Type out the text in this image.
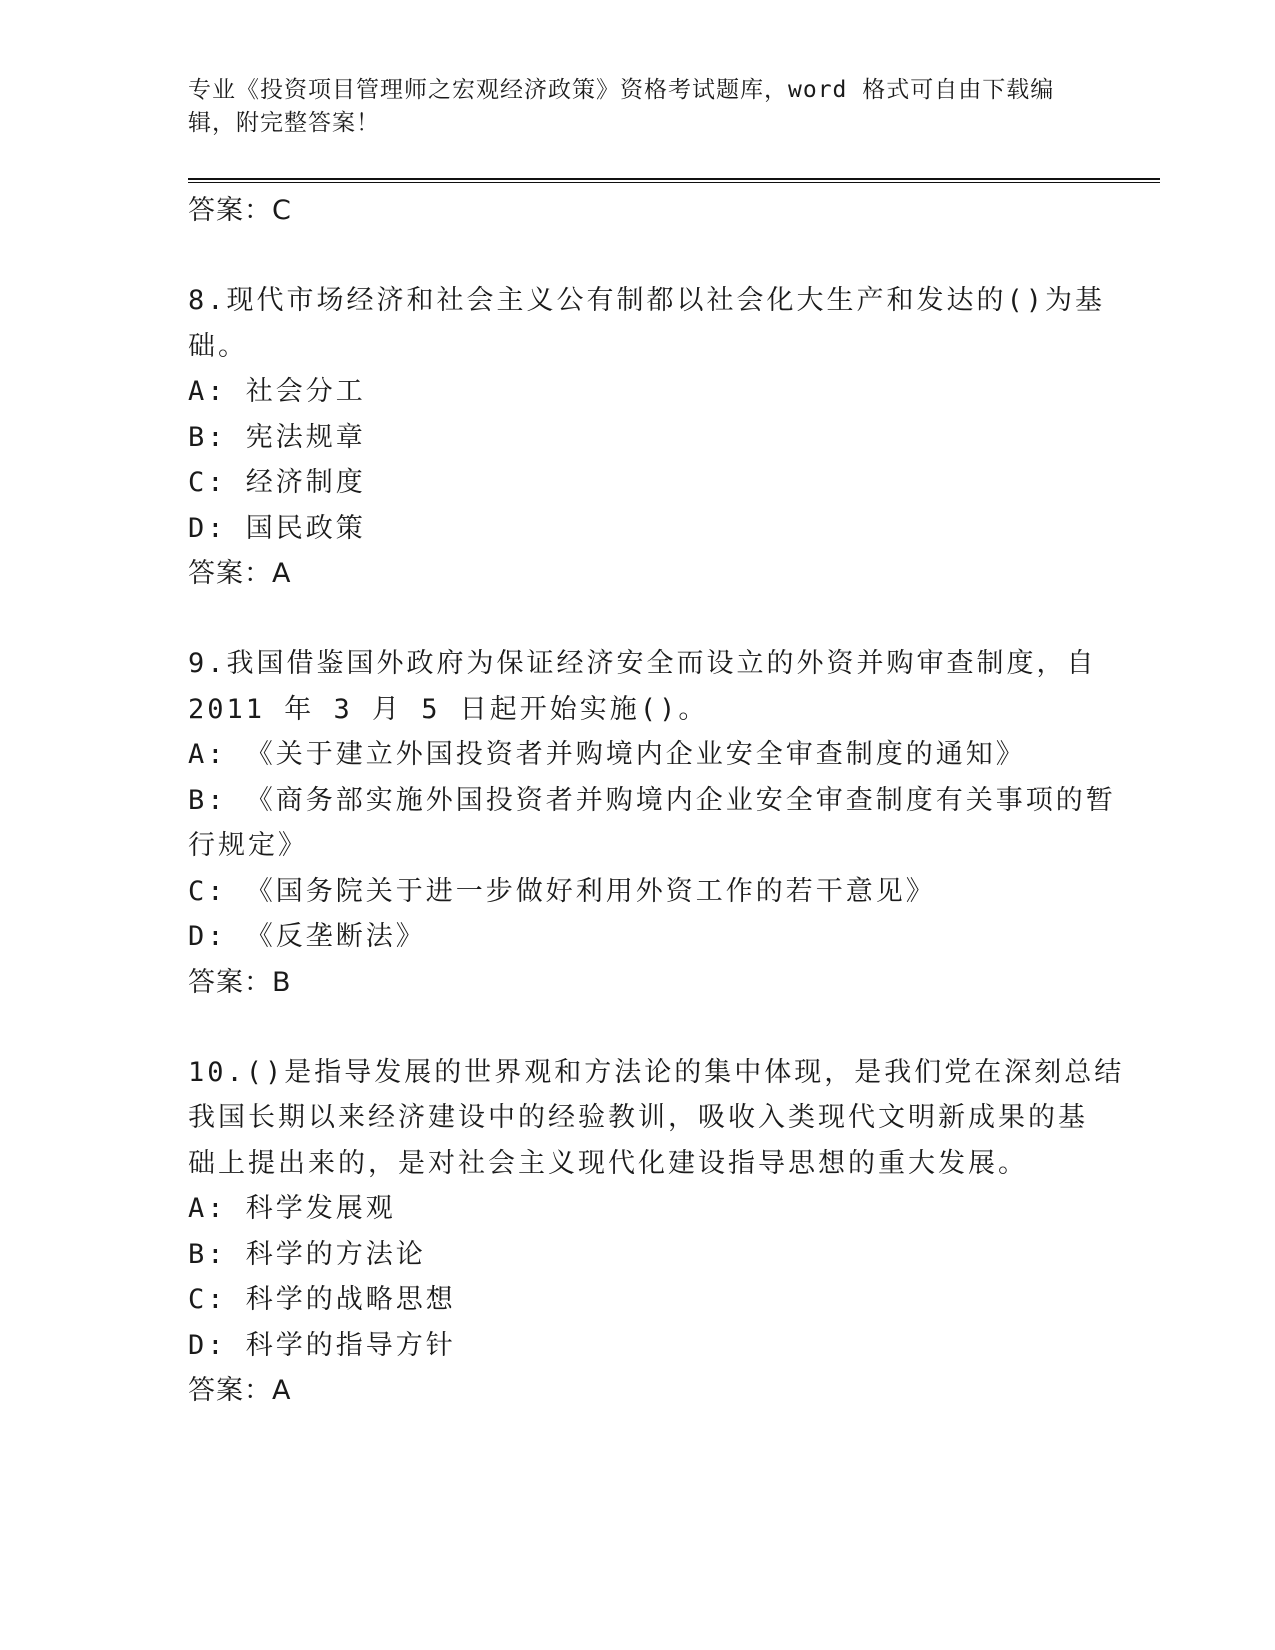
专业《投资项目管理师之宏观经济政策》资格考试题库，word 格式可自由下载编
辑，附完整答案！
答案：C
8.现代市场经济和社会主义公有制都以社会化大生产和发达的()为基
础。
A: 社会分工
B: 宪法规章
C: 经济制度
D: 国民政策
答案：A
9.我国借鉴国外政府为保证经济安全而设立的外资并购审查制度，自
2011 年 3 月 5 日起开始实施()。
A: 《关于建立外国投资者并购境内企业安全审查制度的通知》
B: 《商务部实施外国投资者并购境内企业安全审查制度有关事项的暂
行规定》
C: 《国务院关于进一步做好利用外资工作的若干意见》
D: 《反垄断法》
答案：B
10.()是指导发展的世界观和方法论的集中体现，是我们党在深刻总结
我国长期以来经济建设中的经验教训，吸收入类现代文明新成果的基
础上提出来的，是对社会主义现代化建设指导思想的重大发展。
A: 科学发展观
B: 科学的方法论
C: 科学的战略思想
D: 科学的指导方针
答案：A
